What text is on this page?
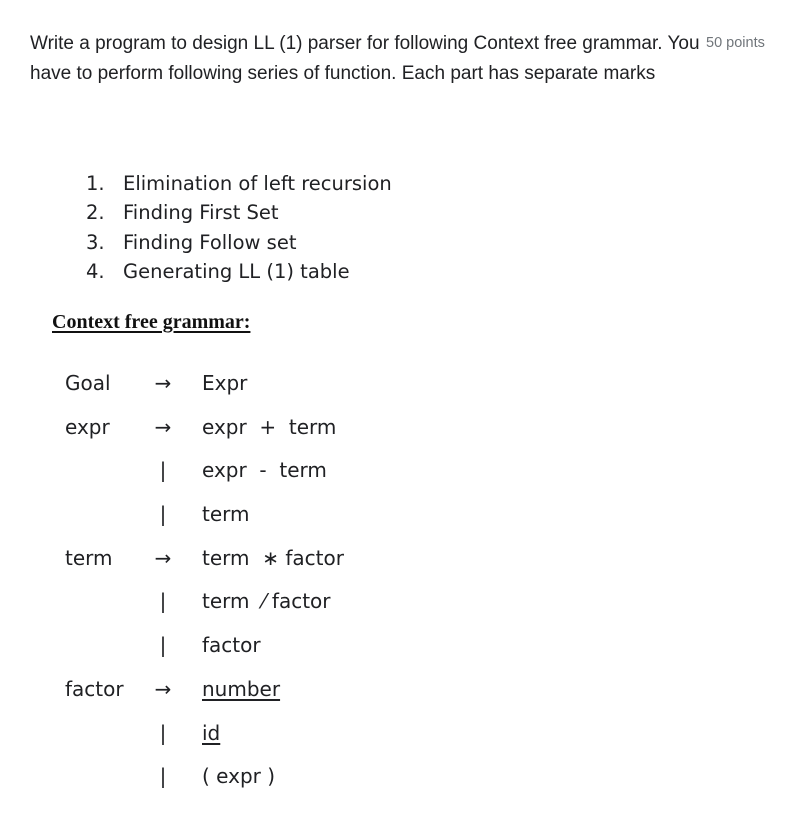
Write a program to design LL (1) parser for following Context free grammar. You have to perform following series of function. Each part has separate marks
50 points
1. Elimination of left recursion
2. Finding First Set
3. Finding Follow set
4. Generating LL (1) table
Context free grammar:
Goal → Expr
expr → expr  +  term
|	expr  -  term
|	term
term → term  ∗ factor
|	term  ⁄ factor
|	factor
factor → number
|	id
|	( expr )
